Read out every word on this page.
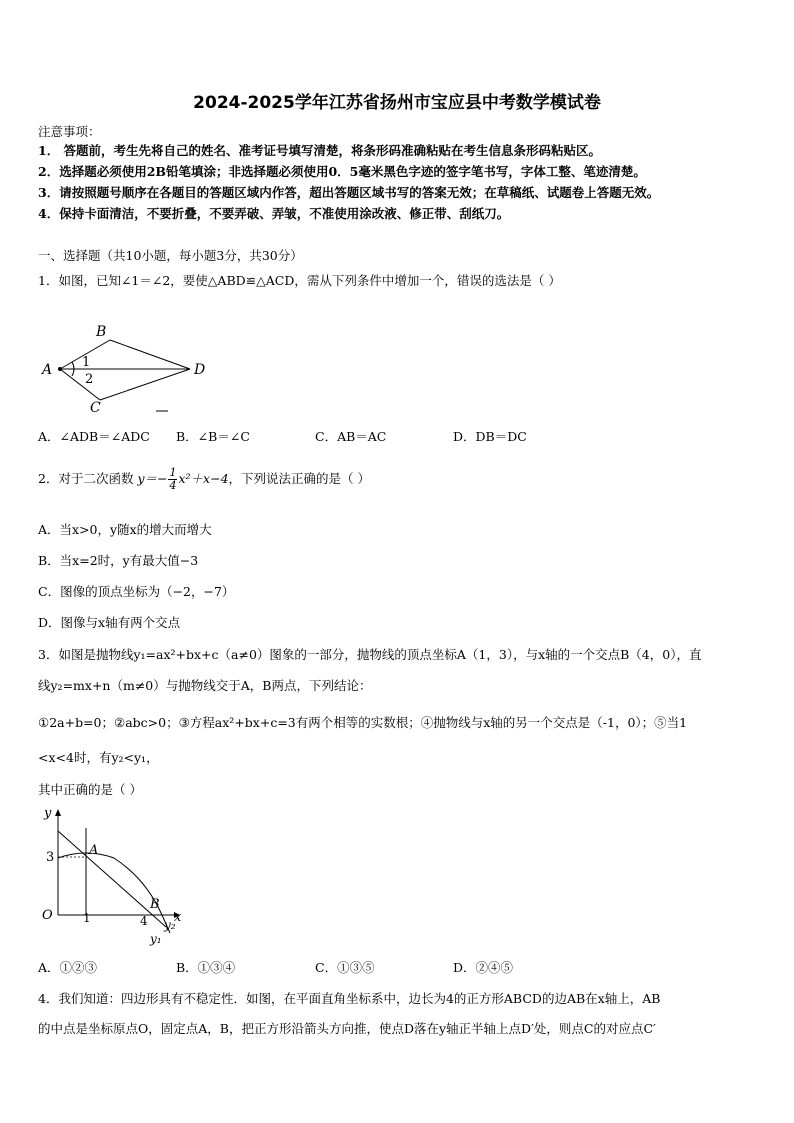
2024-2025学年江苏省扬州市宝应县中考数学模试卷
注意事项：
1． 答题前，考生先将自己的姓名、准考证号填写清楚，将条形码准确粘贴在考生信息条形码粘贴区。
2．选择题必须使用2B铅笔填涂；非选择题必须使用0．5毫米黑色字迹的签字笔书写，字体工整、笔迹清楚。
3．请按照题号顺序在各题目的答题区域内作答，超出答题区域书写的答案无效；在草稿纸、试题卷上答题无效。
4．保持卡面清洁，不要折叠，不要弄破、弄皱，不准使用涂改液、修正带、刮纸刀。
一、选择题（共10小题，每小题3分，共30分）
1．如图，已知∠1＝∠2，要使△ABD≌△ACD，需从下列条件中增加一个，错误的选法是（ ）
A
B
C
D
1
2
A．∠ADB＝∠ADC B．∠B＝∠C	C．AB＝AC	D．DB＝DC
2．对于二次函数 $y=- \frac{1}{4} x^2+x-4$，下列说法正确的是（ ）
A．当x>0，y随x的增大而增大
B．当x=2时，y有最大值−3
C．图像的顶点坐标为（−2，−7）
D．图像与x轴有两个交点
3．如图是抛物线y₁=ax²+bx+c（a≠0）图象的一部分，抛物线的顶点坐标A（1，3），与x轴的一个交点B（4，0），直
线y₂=mx+n（m≠0）与抛物线交于A，B两点，下列结论：
①2a+b=0；②abc>0；③方程ax²+bx+c=3有两个相等的实数根；④抛物线与x轴的另一个交点是（-1，0）；⑤当1
<x<4时，有y₂<y₁，
其中正确的是（ ）
y
x
O
3
1	4
A
B
y₂
y₁
A．①②③	B．①③④	C．①③⑤	D．②④⑤
4．我们知道：四边形具有不稳定性．如图，在平面直角坐标系中，边长为4的正方形ABCD的边AB在x轴上，AB
的中点是坐标原点O，固定点A，B，把正方形沿箭头方向推，使点D落在y轴正半轴上点D′处，则点C的对应点C′
